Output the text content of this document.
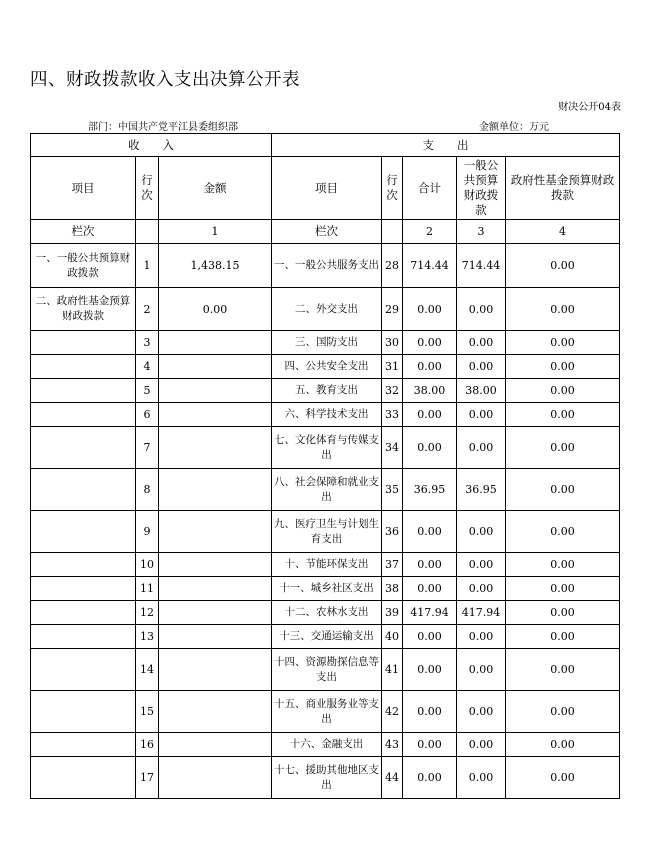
四、财政拨款收入支出决算公开表
财决公开04表
部门：中国共产党平江县委组织部	金额单位：万元
收　　入			支　　出				
项目	行次	金额	项目	行次	合计	一般公共预算财政拨款	政府性基金预算财政拨款
栏次		1	栏次		2	3	4
一、一般公共预算财政拨款	1	1,438.15	一、一般公共服务支出	28	714.44	714.44	0.00
二、政府性基金预算财政拨款	2	0.00	二、外交支出	29	0.00	0.00	0.00
	3		三、国防支出	30	0.00	0.00	0.00
	4		四、公共安全支出	31	0.00	0.00	0.00
	5		五、教育支出	32	38.00	38.00	0.00
	6		六、科学技术支出	33	0.00	0.00	0.00
	7		七、文化体育与传媒支出	34	0.00	0.00	0.00
	8		八、社会保障和就业支出	35	36.95	36.95	0.00
	9		九、医疗卫生与计划生育支出	36	0.00	0.00	0.00
	10		十、节能环保支出	37	0.00	0.00	0.00
	11		十一、城乡社区支出	38	0.00	0.00	0.00
	12		十二、农林水支出	39	417.94	417.94	0.00
	13		十三、交通运输支出	40	0.00	0.00	0.00
	14		十四、资源勘探信息等支出	41	0.00	0.00	0.00
	15		十五、商业服务业等支出	42	0.00	0.00	0.00
	16		十六、金融支出	43	0.00	0.00	0.00
	17		十七、援助其他地区支出	44	0.00	0.00	0.00
